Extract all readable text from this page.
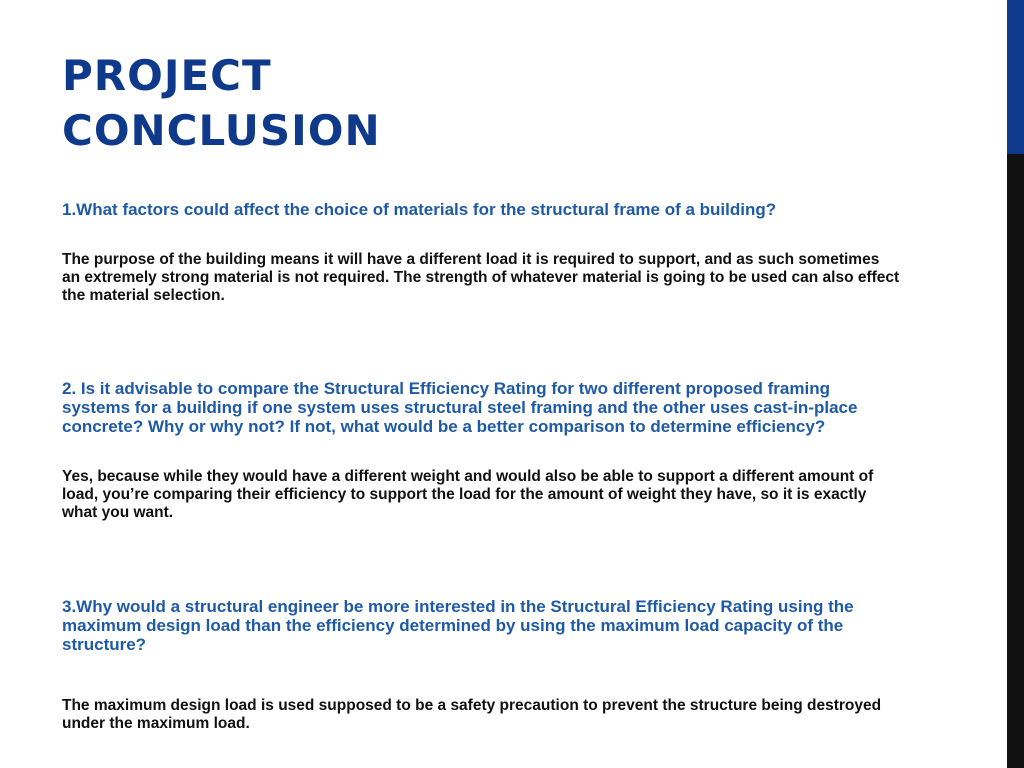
PROJECT
CONCLUSION

1.What factors could affect the choice of materials for the structural frame of a building?

The purpose of the building means it will have a different load it is required to support, and as such sometimes an extremely strong material is not required. The strength of whatever material is going to be used can also effect the material selection.

2. Is it advisable to compare the Structural Efficiency Rating for two different proposed framing systems for a building if one system uses structural steel framing and the other uses cast-in-place concrete? Why or why not? If not, what would be a better comparison to determine efficiency?

Yes, because while they would have a different weight and would also be able to support a different amount of load, you’re comparing their efficiency to support the load for the amount of weight they have, so it is exactly what you want.

3.Why would a structural engineer be more interested in the Structural Efficiency Rating using the maximum design load than the efficiency determined by using the maximum load capacity of the structure?

The maximum design load is used supposed to be a safety precaution to prevent the structure being destroyed under the maximum load.
